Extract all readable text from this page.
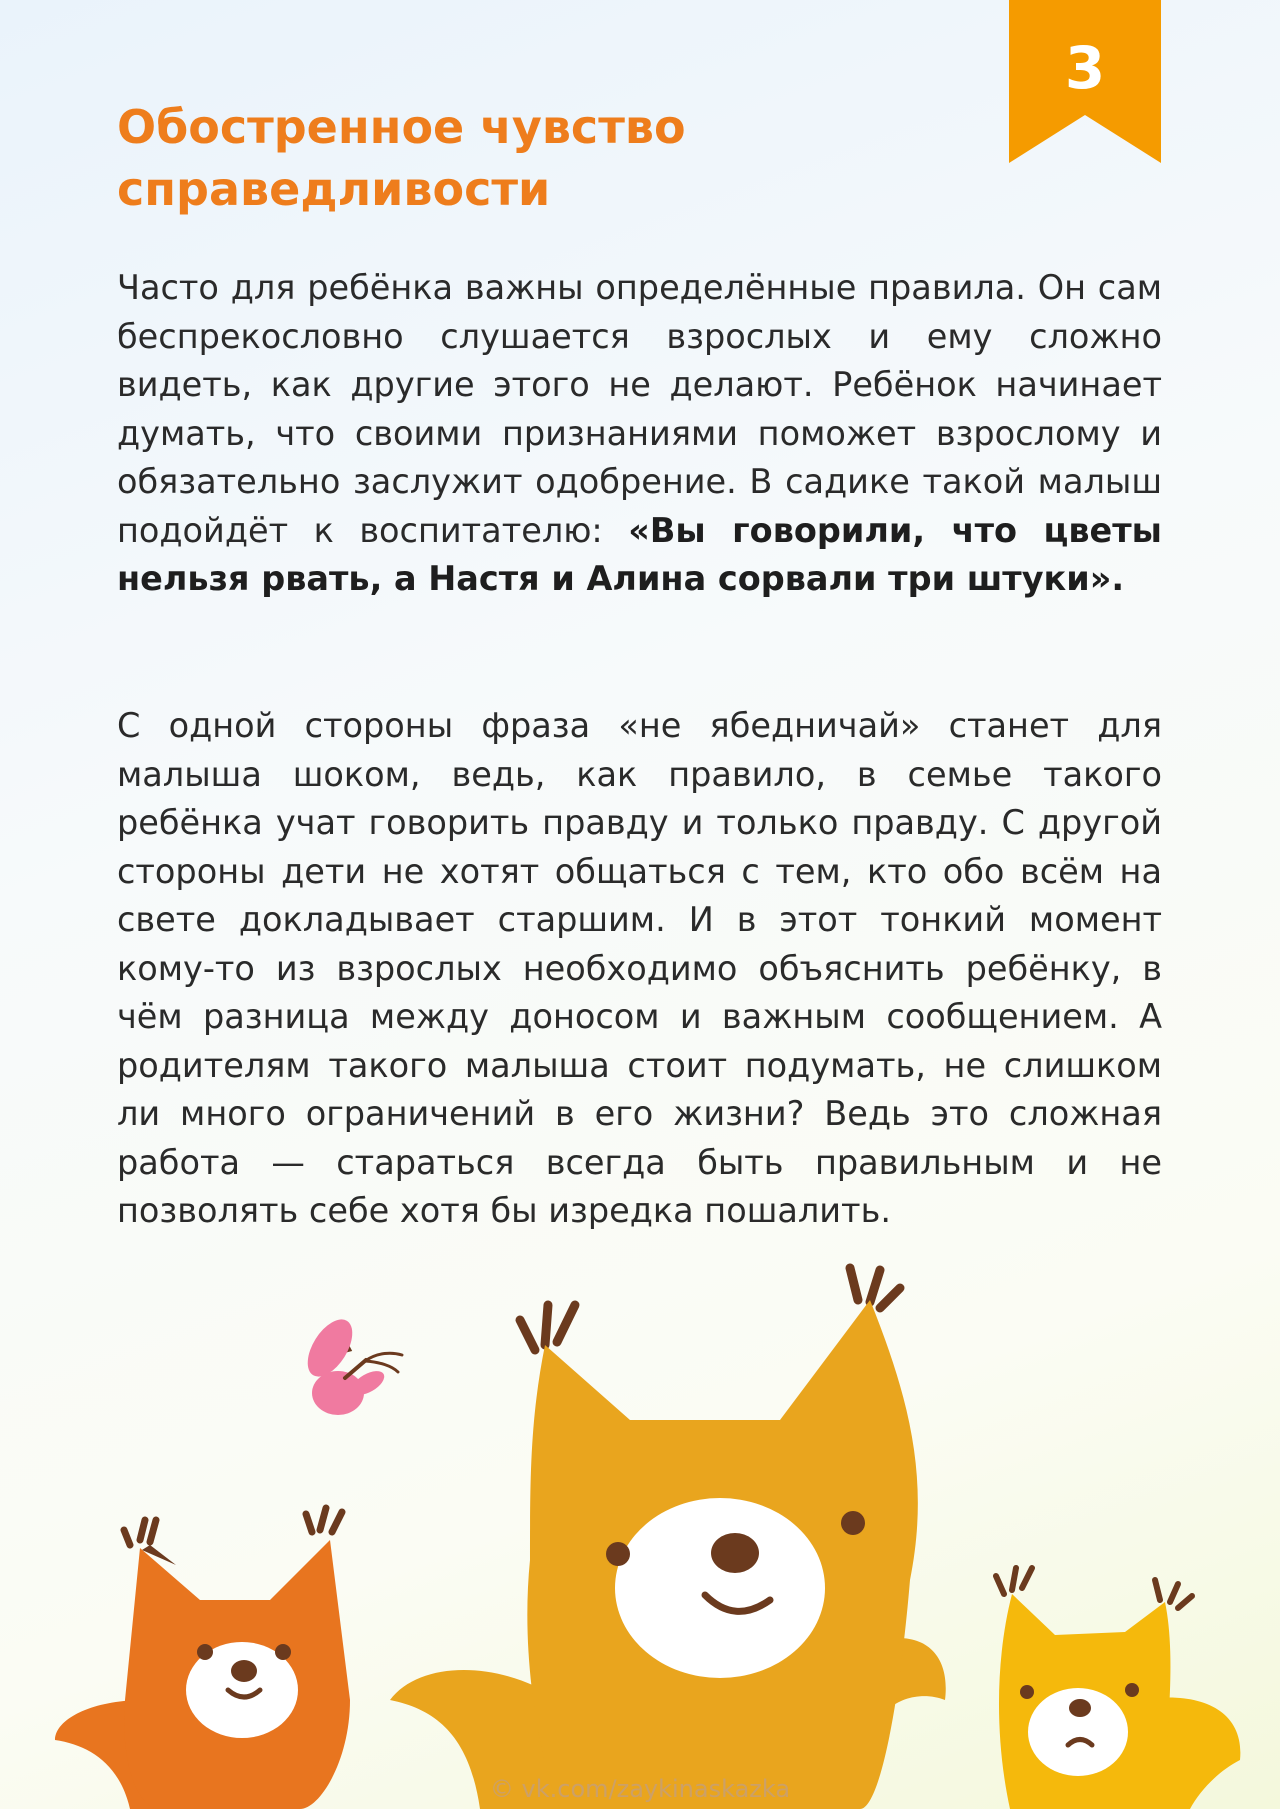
3
Обостренное чувство
справедливости

Часто для ребёнка важны определённые правила. Он сам беспрекословно слушается взрослых и ему сложно видеть, как другие этого не делают. Ребёнок начинает думать, что своими признаниями поможет взрослому и обязательно заслужит одобрение. В садике такой малыш подойдёт к воспитателю: «Вы говорили, что цветы нельзя рвать, а Настя и Алина сорвали три штуки».

С одной стороны фраза «не ябедничай» станет для малыша шоком, ведь, как правило, в семье такого ребёнка учат говорить правду и только правду. С другой стороны дети не хотят общаться с тем, кто обо всём на свете докладывает старшим. И в этот тонкий момент кому-то из взрослых необходимо объяснить ребёнку, в чём разница между доносом и важным сообщением. А родителям такого малыша стоит подумать, не слишком ли много ограничений в его жизни? Ведь это сложная работа — стараться всегда быть правильным и не позволять себе хотя бы изредка пошалить.

© vk.com/zaykinaskazka
